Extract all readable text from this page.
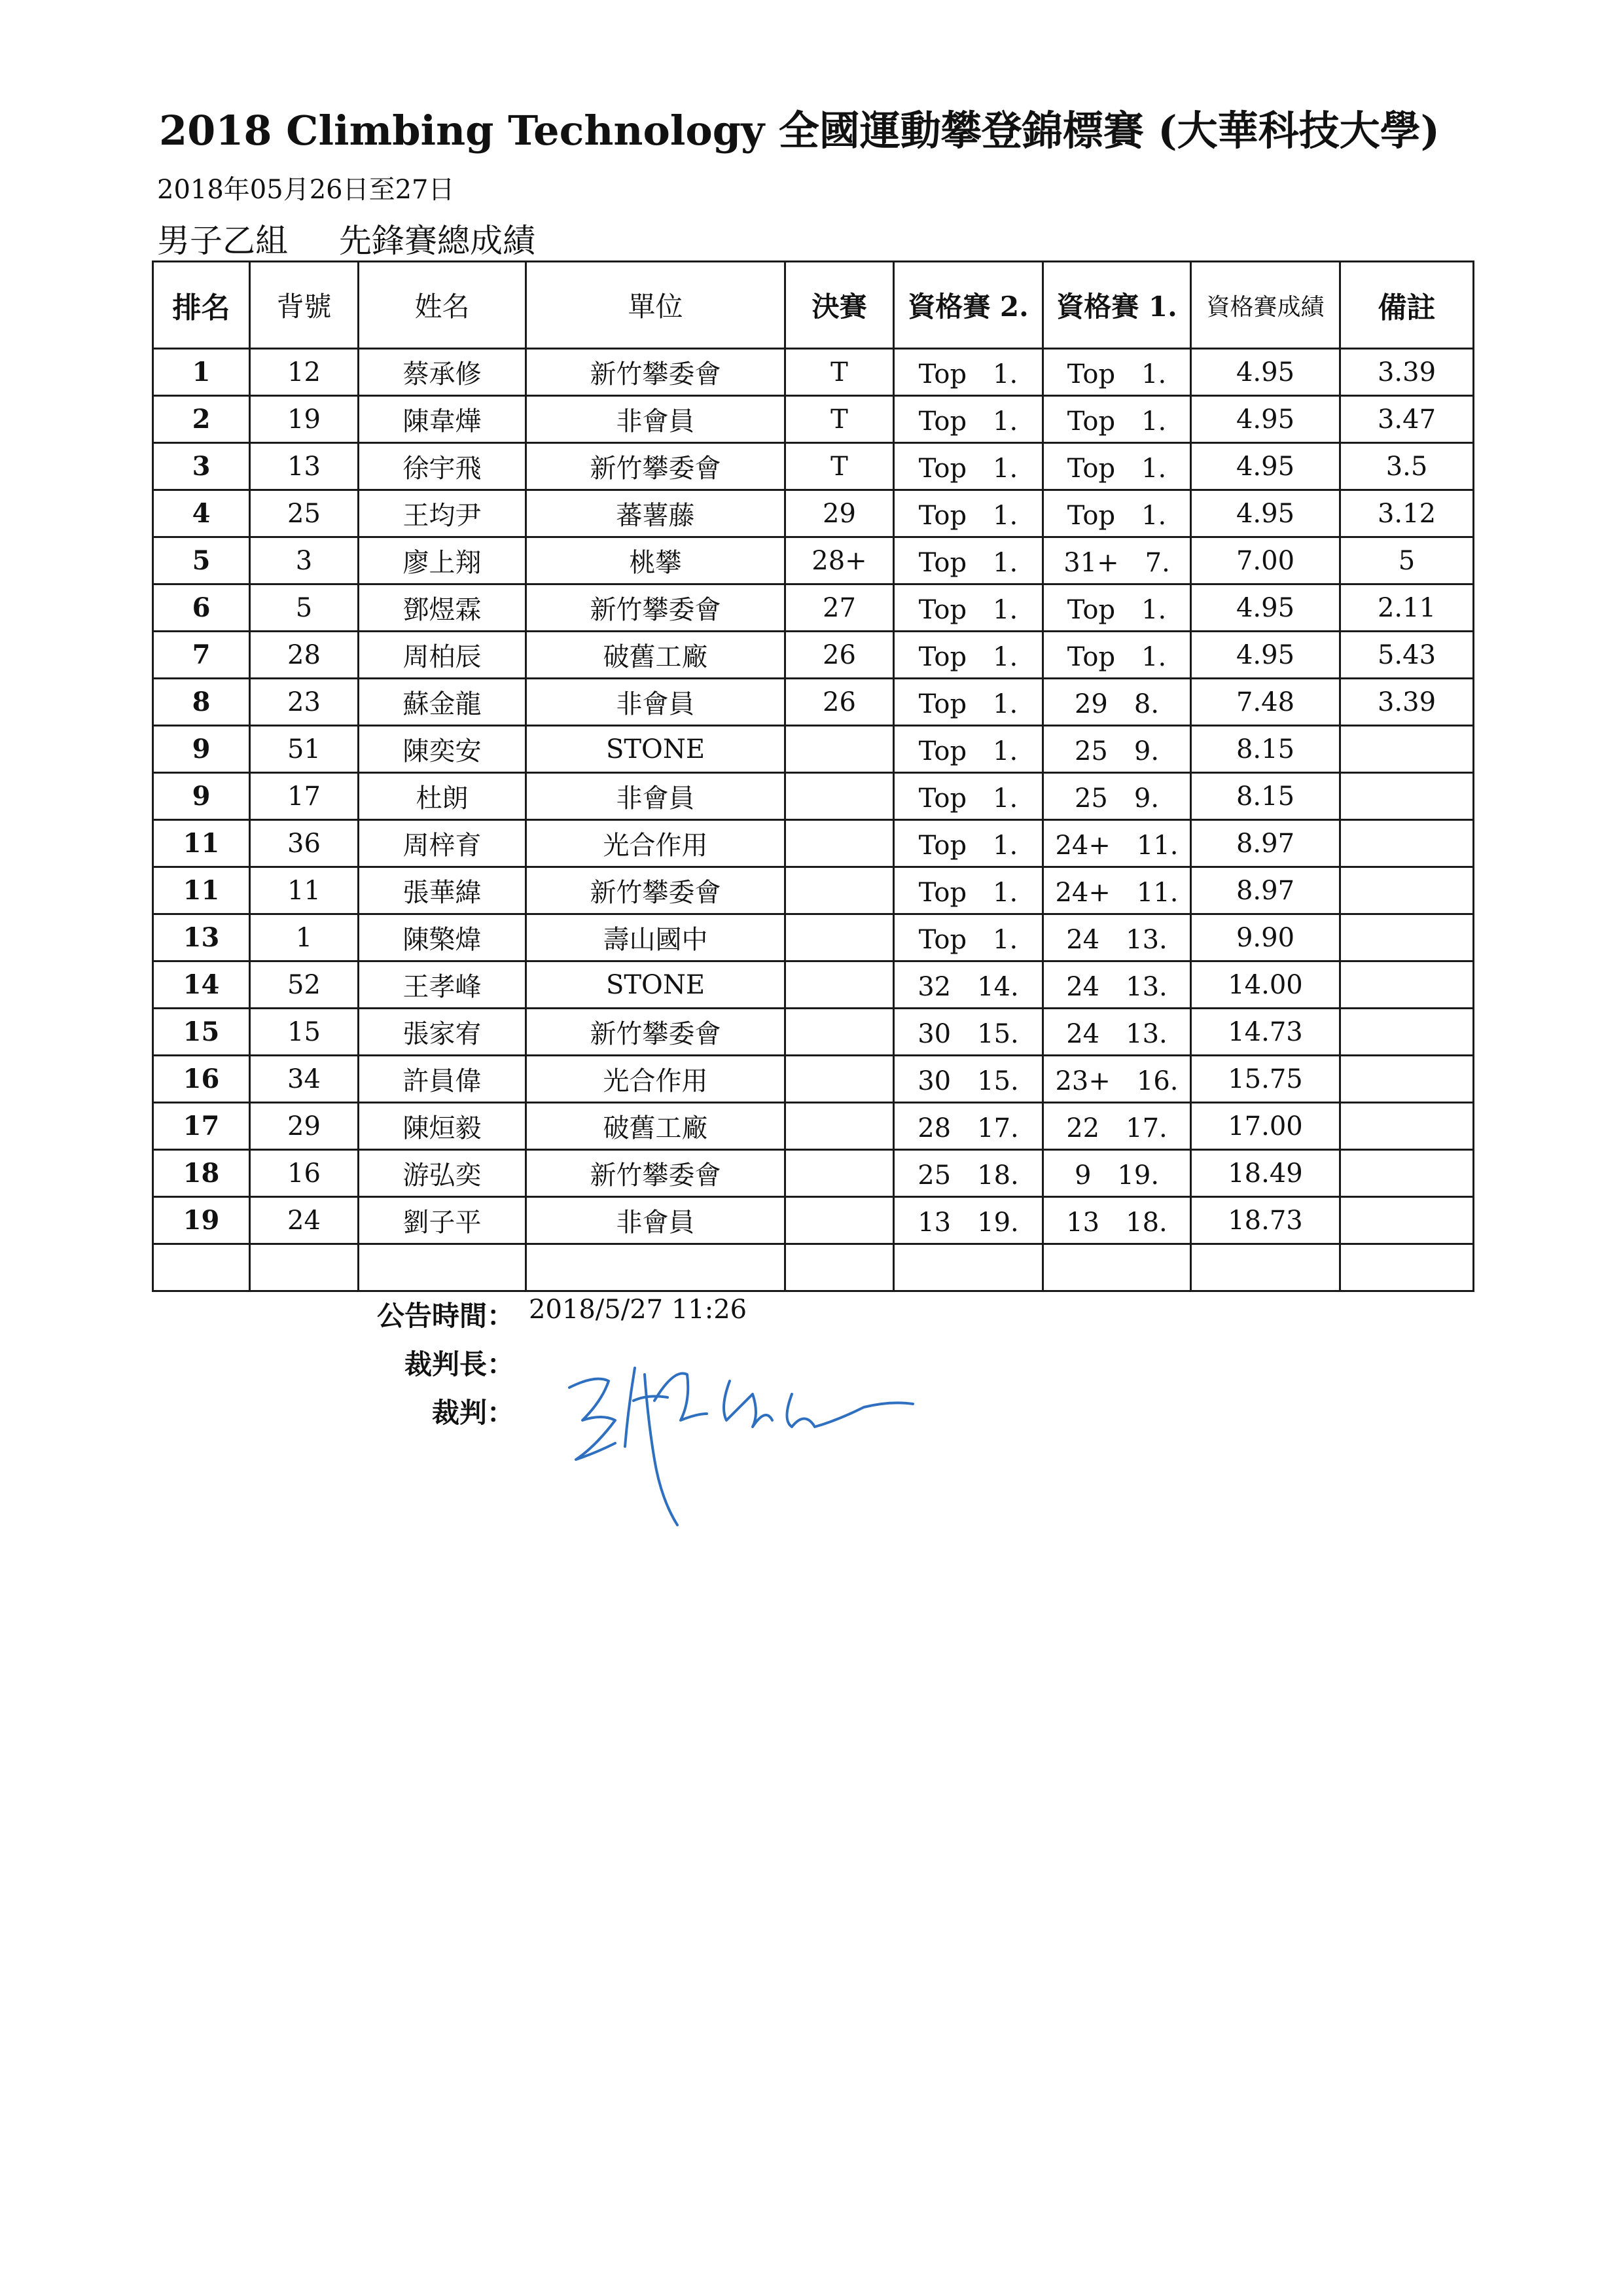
2018 Climbing Technology 全國運動攀登錦標賽 (大華科技大學)
2018年05月26日至27日
男子乙組 先鋒賽總成績
排名	背號	姓名	單位	決賽	資格賽 2.	資格賽 1.	資格賽成績	備註
1	12	蔡承修	新竹攀委會	T	Top　1.	Top　1.	4.95	3.39
2	19	陳韋燁	非會員	T	Top　1.	Top　1.	4.95	3.47
3	13	徐宇飛	新竹攀委會	T	Top　1.	Top　1.	4.95	3.5
4	25	王均尹	蕃薯藤	29	Top　1.	Top　1.	4.95	3.12
5	3	廖上翔	桃攀	28+	Top　1.	31+　7.	7.00	5
6	5	鄧煜霖	新竹攀委會	27	Top　1.	Top　1.	4.95	2.11
7	28	周柏辰	破舊工廠	26	Top　1.	Top　1.	4.95	5.43
8	23	蘇金龍	非會員	26	Top　1.	29　8.	7.48	3.39
9	51	陳奕安	STONE		Top　1.	25　9.	8.15	
9	17	杜朗	非會員		Top　1.	25　9.	8.15	
11	36	周梓育	光合作用		Top　1.	24+　11.	8.97	
11	11	張華緯	新竹攀委會		Top　1.	24+　11.	8.97	
13	1	陳檠煒	壽山國中		Top　1.	24　13.	9.90	
14	52	王孝峰	STONE		32　14.	24　13.	14.00	
15	15	張家宥	新竹攀委會		30　15.	24　13.	14.73	
16	34	許員偉	光合作用		30　15.	23+　16.	15.75	
17	29	陳烜毅	破舊工廠		28　17.	22　17.	17.00	
18	16	游弘奕	新竹攀委會		25　18.	9　19.	18.49	
19	24	劉子平	非會員		13　19.	13　18.	18.73	

公告時間： 2018/5/27 11:26
裁判長：
裁判：
